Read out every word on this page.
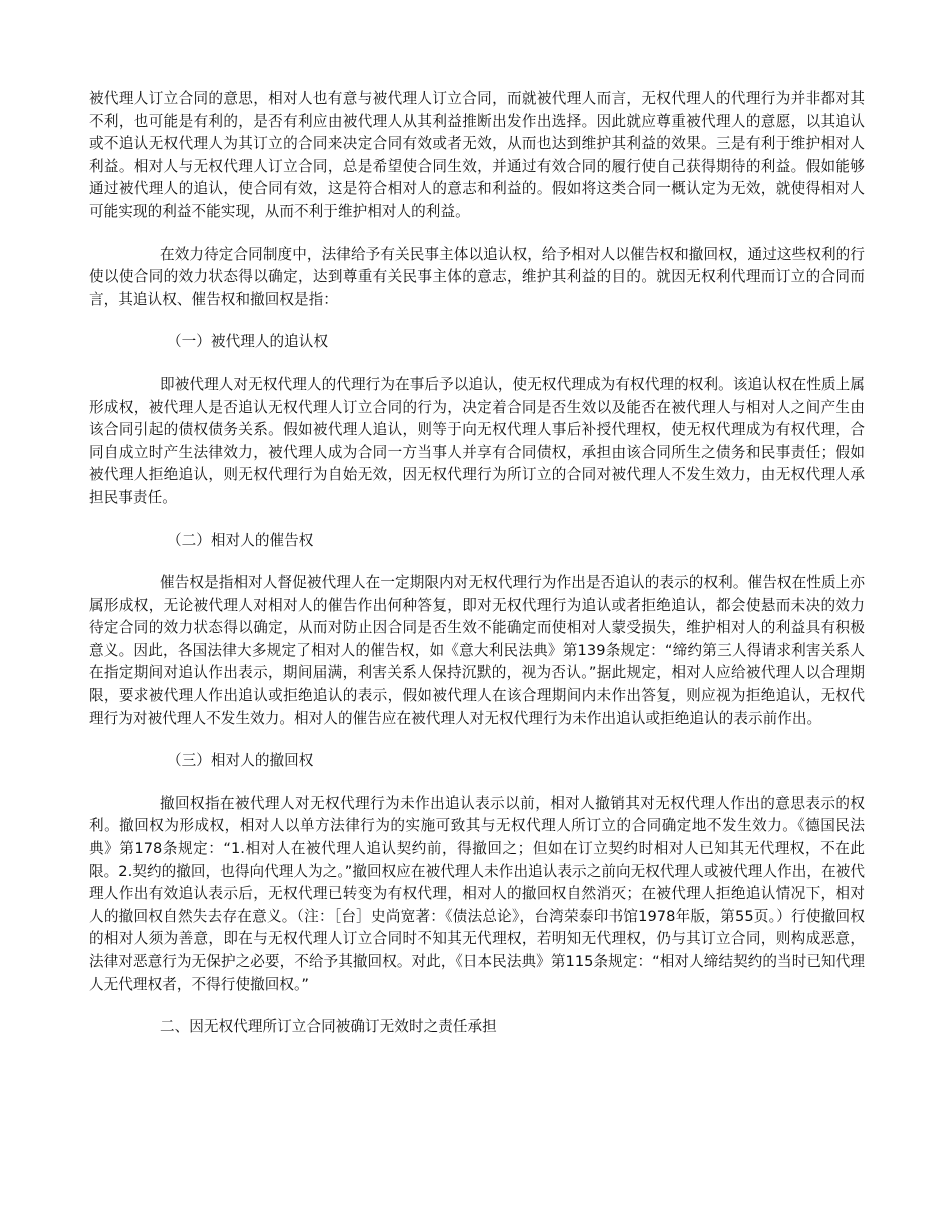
被代理人订立合同的意思，相对人也有意与被代理人订立合同，而就被代理人而言，无权代理人的代理行为并非都对其不利，也可能是有利的，是否有利应由被代理人从其利益推断出发作出选择。因此就应尊重被代理人的意愿，以其追认或不追认无权代理人为其订立的合同来决定合同有效或者无效，从而也达到维护其利益的效果。三是有利于维护相对人利益。相对人与无权代理人订立合同，总是希望使合同生效，并通过有效合同的履行使自己获得期待的利益。假如能够通过被代理人的追认，使合同有效，这是符合相对人的意志和利益的。假如将这类合同一概认定为无效，就使得相对人可能实现的利益不能实现，从而不利于维护相对人的利益。

在效力待定合同制度中，法律给予有关民事主体以追认权，给予相对人以催告权和撤回权，通过这些权利的行使以使合同的效力状态得以确定，达到尊重有关民事主体的意志，维护其利益的目的。就因无权利代理而订立的合同而言，其追认权、催告权和撤回权是指：

（一）被代理人的追认权

即被代理人对无权代理人的代理行为在事后予以追认，使无权代理成为有权代理的权利。该追认权在性质上属形成权，被代理人是否追认无权代理人订立合同的行为，决定着合同是否生效以及能否在被代理人与相对人之间产生由该合同引起的债权债务关系。假如被代理人追认，则等于向无权代理人事后补授代理权，使无权代理成为有权代理，合同自成立时产生法律效力，被代理人成为合同一方当事人并享有合同债权，承担由该合同所生之债务和民事责任；假如被代理人拒绝追认，则无权代理行为自始无效，因无权代理行为所订立的合同对被代理人不发生效力，由无权代理人承担民事责任。

（二）相对人的催告权

催告权是指相对人督促被代理人在一定期限内对无权代理行为作出是否追认的表示的权利。催告权在性质上亦属形成权，无论被代理人对相对人的催告作出何种答复，即对无权代理行为追认或者拒绝追认，都会使悬而未决的效力待定合同的效力状态得以确定，从而对防止因合同是否生效不能确定而使相对人蒙受损失，维护相对人的利益具有积极意义。因此，各国法律大多规定了相对人的催告权，如《意大利民法典》第139条规定：“缔约第三人得请求利害关系人在指定期间对追认作出表示，期间届满，利害关系人保持沉默的，视为否认。”据此规定，相对人应给被代理人以合理期限，要求被代理人作出追认或拒绝追认的表示，假如被代理人在该合理期间内未作出答复，则应视为拒绝追认，无权代理行为对被代理人不发生效力。相对人的催告应在被代理人对无权代理行为未作出追认或拒绝追认的表示前作出。

（三）相对人的撤回权

撤回权指在被代理人对无权代理行为未作出追认表示以前，相对人撤销其对无权代理人作出的意思表示的权利。撤回权为形成权，相对人以单方法律行为的实施可致其与无权代理人所订立的合同确定地不发生效力。《德国民法典》第178条规定：“1.相对人在被代理人追认契约前，得撤回之；但如在订立契约时相对人已知其无代理权，不在此限。2.契约的撤回，也得向代理人为之。”撤回权应在被代理人未作出追认表示之前向无权代理人或被代理人作出，在被代理人作出有效追认表示后，无权代理已转变为有权代理，相对人的撤回权自然消灭；在被代理人拒绝追认情况下，相对人的撤回权自然失去存在意义。（注：［台］史尚宽著：《债法总论》，台湾荣泰印书馆1978年版，第55页。）行使撤回权的相对人须为善意，即在与无权代理人订立合同时不知其无代理权，若明知无代理权，仍与其订立合同，则构成恶意，法律对恶意行为无保护之必要，不给予其撤回权。对此，《日本民法典》第115条规定：“相对人缔结契约的当时已知代理人无代理权者，不得行使撤回权。”

二、因无权代理所订立合同被确订无效时之责任承担
